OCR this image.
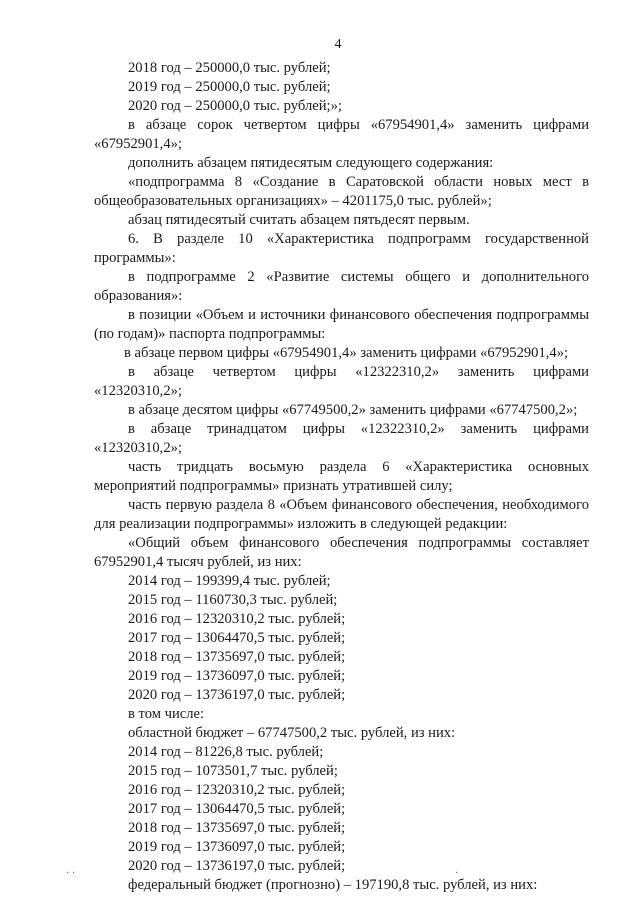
4

2018 год – 250000,0 тыс. рублей;

2019 год – 250000,0 тыс. рублей;

2020 год – 250000,0 тыс. рублей;»;

в абзаце сорок четвертом цифры «67954901,4» заменить цифрами «67952901,4»;

дополнить абзацем пятидесятым следующего содержания:

«подпрограмма 8 «Создание в Саратовской области новых мест в общеобразовательных организациях» – 4201175,0 тыс. рублей»;

абзац пятидесятый считать абзацем пятьдесят первым.

6. В разделе 10 «Характеристика подпрограмм государственной программы»:

в подпрограмме 2 «Развитие системы общего и дополнительного образования»:

в позиции «Объем и источники финансового обеспечения подпрограммы (по годам)» паспорта подпрограммы:

в абзаце первом цифры «67954901,4» заменить цифрами «67952901,4»;

в абзаце четвертом цифры «12322310,2» заменить цифрами «12320310,2»;

в абзаце десятом цифры «67749500,2» заменить цифрами «67747500,2»;

в абзаце тринадцатом цифры «12322310,2» заменить цифрами «12320310,2»;

часть тридцать восьмую раздела 6 «Характеристика основных мероприятий подпрограммы» признать утратившей силу;

часть первую раздела 8 «Объем финансового обеспечения, необходимого для реализации подпрограммы» изложить в следующей редакции:

«Общий объем финансового обеспечения подпрограммы составляет 67952901,4 тысяч рублей, из них:

2014 год – 199399,4 тыс. рублей;

2015 год – 1160730,3 тыс. рублей;

2016 год – 12320310,2 тыс. рублей;

2017 год – 13064470,5 тыс. рублей;

2018 год – 13735697,0 тыс. рублей;

2019 год – 13736097,0 тыс. рублей;

2020 год – 13736197,0 тыс. рублей;

в том числе:

областной бюджет – 67747500,2 тыс. рублей, из них:

2014 год – 81226,8 тыс. рублей;

2015 год – 1073501,7 тыс. рублей;

2016 год – 12320310,2 тыс. рублей;

2017 год – 13064470,5 тыс. рублей;

2018 год – 13735697,0 тыс. рублей;

2019 год – 13736097,0 тыс. рублей;

2020 год – 13736197,0 тыс. рублей;

федеральный бюджет (прогнозно) – 197190,8 тыс. рублей, из них:

· ·	·
